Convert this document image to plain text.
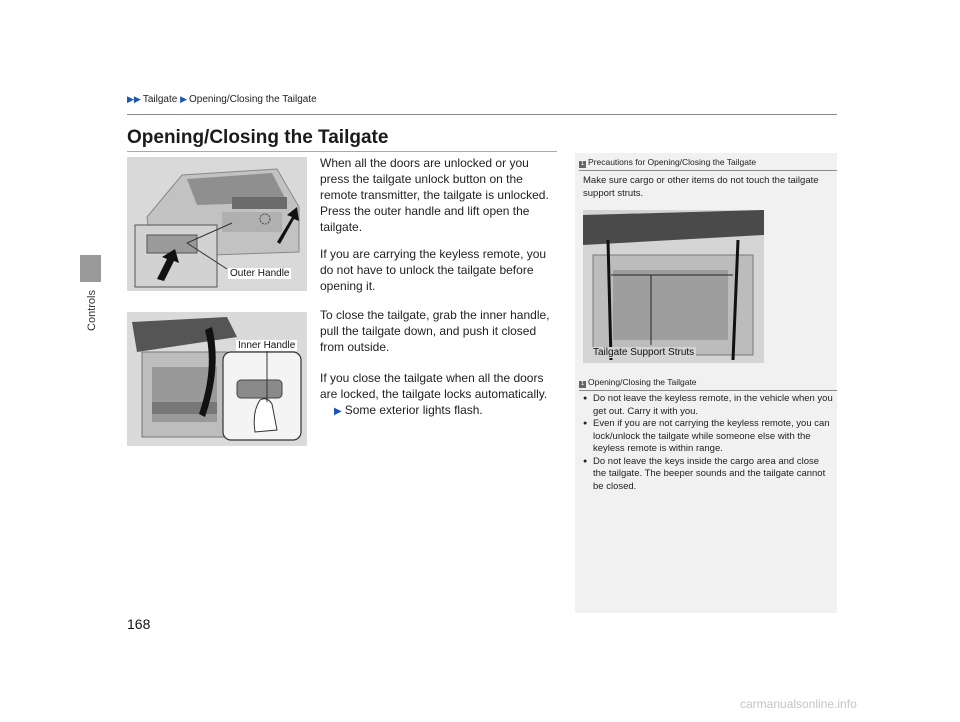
Controls
▶▶ Tailgate ▶ Opening/Closing the Tailgate
Opening/Closing the Tailgate
Outer Handle
Inner Handle

When all the doors are unlocked or you press the tailgate unlock button on the remote transmitter, the tailgate is unlocked.

Press the outer handle and lift open the tailgate.

If you are carrying the keyless remote, you do not have to unlock the tailgate before opening it.

To close the tailgate, grab the inner handle, pull the tailgate down, and push it closed from outside.

If you close the tailgate when all the doors are locked, the tailgate locks automatically.

▶ Some exterior lights flash.

1 Precautions for Opening/Closing the Tailgate

Make sure cargo or other items do not touch the tailgate support struts.

Tailgate Support Struts
1 Opening/Closing the Tailgate
● Do not leave the keyless remote, in the vehicle when you get out. Carry it with you.
● Even if you are not carrying the keyless remote, you can lock/unlock the tailgate while someone else with the keyless remote is within range.
● Do not leave the keys inside the cargo area and close the tailgate. The beeper sounds and the tailgate cannot be closed.
168
carmanualsonline.info
